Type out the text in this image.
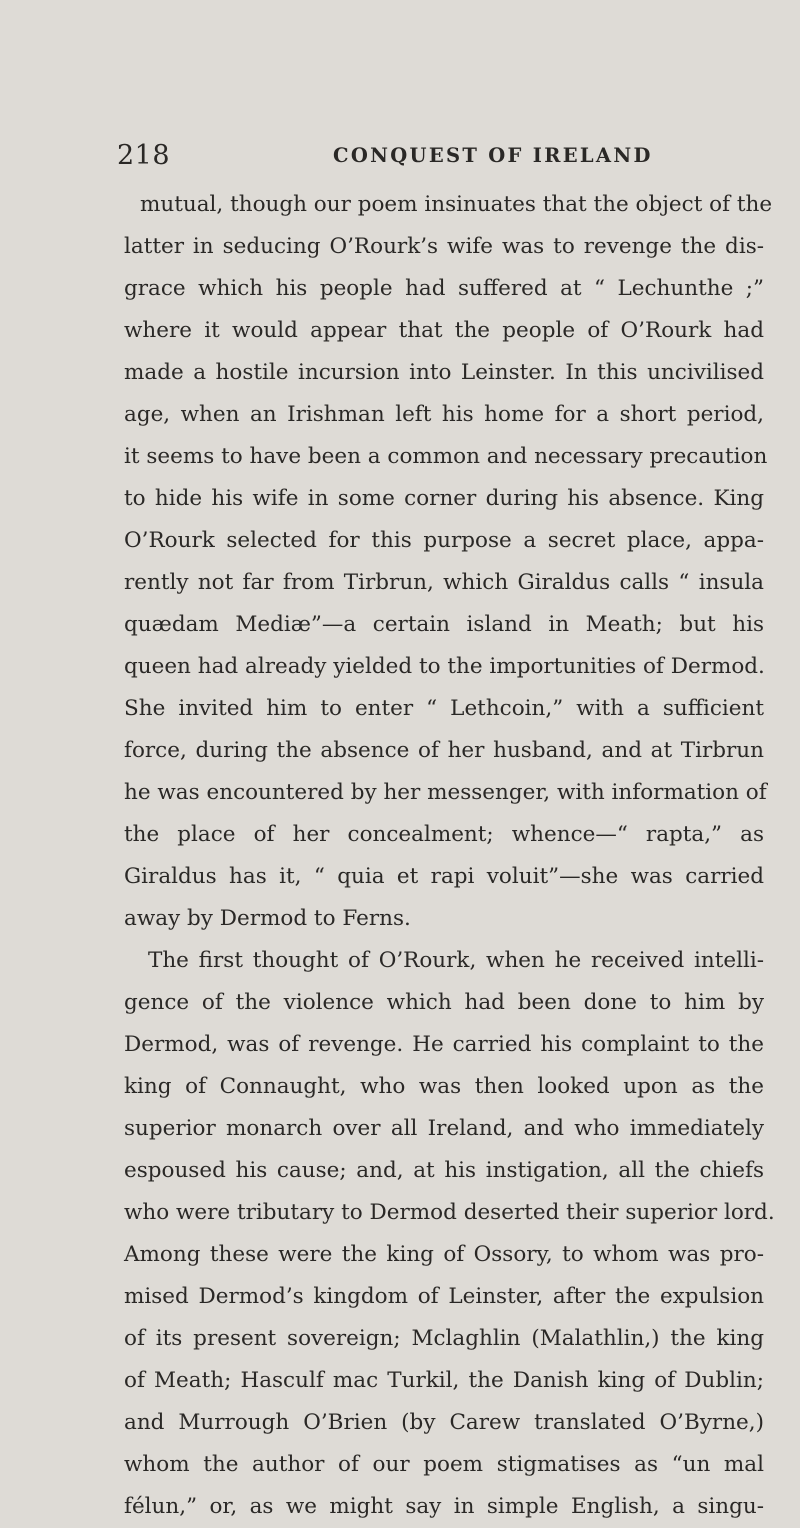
218	CONQUEST OF IRELAND
mutual, though our poem insinuates that the object of the
latter in seducing O’Rourk’s wife was to revenge the dis-
grace which his people had suffered at “ Lechunthe ;”
where it would appear that the people of O’Rourk had
made a hostile incursion into Leinster. In this uncivilised
age, when an Irishman left his home for a short period,
it seems to have been a common and necessary precaution
to hide his wife in some corner during his absence. King
O’Rourk selected for this purpose a secret place, appa-
rently not far from Tirbrun, which Giraldus calls “ insula
quædam Mediæ”—a certain island in Meath; but his
queen had already yielded to the importunities of Dermod.
She invited him to enter “ Lethcoin,” with a sufficient
force, during the absence of her husband, and at Tirbrun
he was encountered by her messenger, with information of
the place of her concealment; whence—“ rapta,” as
Giraldus has it, “ quia et rapi voluit”—she was carried
away by Dermod to Ferns.
The first thought of O’Rourk, when he received intelli-
gence of the violence which had been done to him by
Dermod, was of revenge. He carried his complaint to the
king of Connaught, who was then looked upon as the
superior monarch over all Ireland, and who immediately
espoused his cause; and, at his instigation, all the chiefs
who were tributary to Dermod deserted their superior lord.
Among these were the king of Ossory, to whom was pro-
mised Dermod’s kingdom of Leinster, after the expulsion
of its present sovereign; Mclaghlin (Malathlin,) the king
of Meath; Hasculf mac Turkil, the Danish king of Dublin;
and Murrough O’Brien (by Carew translated O’Byrne,)
whom the author of our poem stigmatises as “un mal
félun,” or, as we might say in simple English, a singu-
